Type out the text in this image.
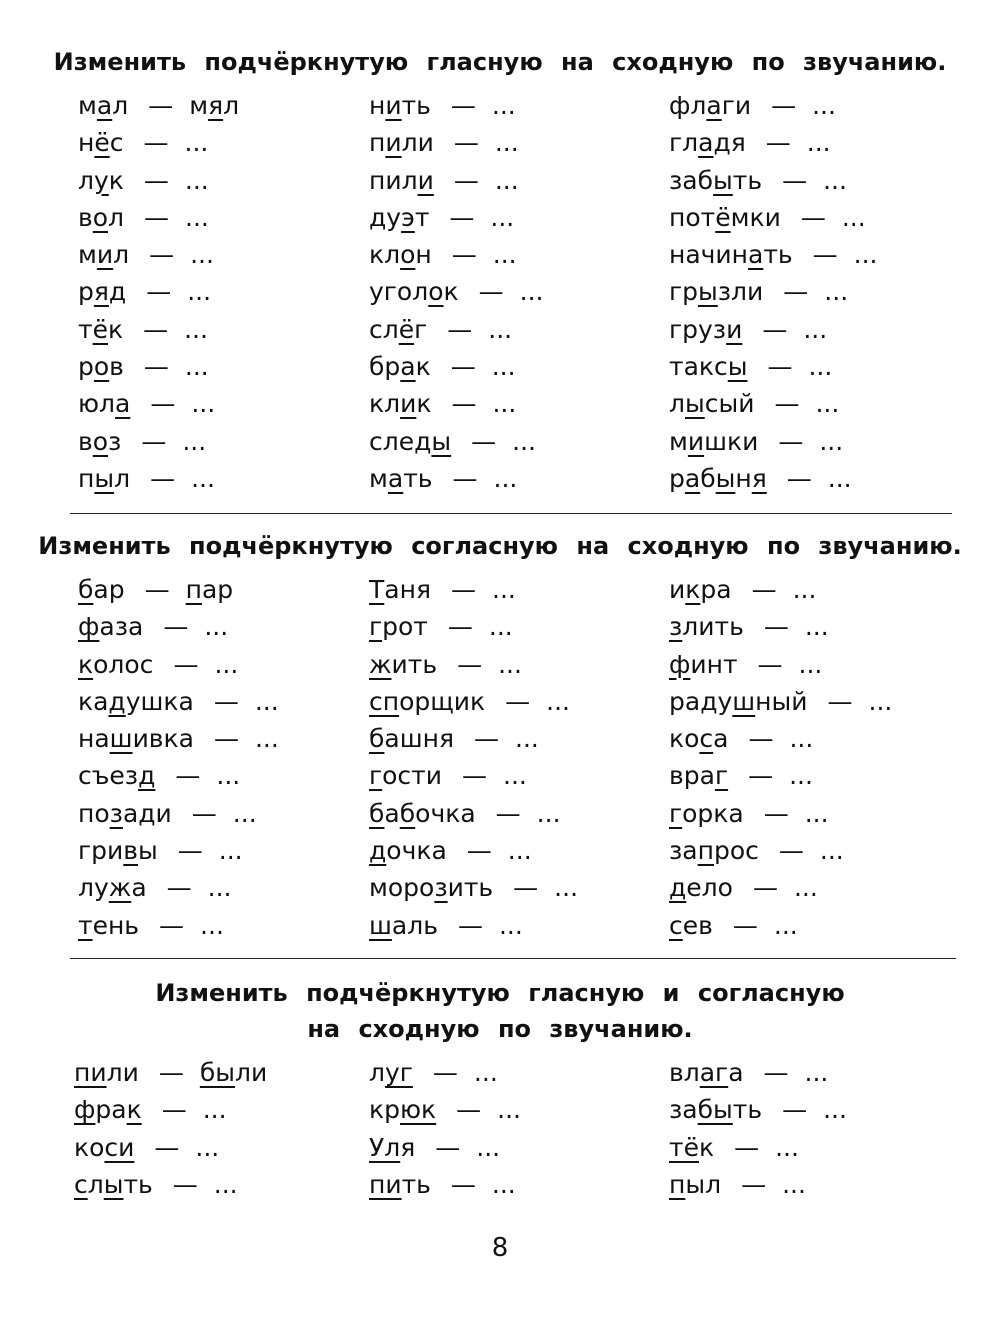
Изменить подчёркнутую гласную на сходную по звучанию.
мал — мял
нёс — ...
лук — ...
вол — ...
мил — ...
ряд — ...
тёк — ...
ров — ...
юла — ...
воз — ...
пыл — ...
нить — ...
пили — ...
пили — ...
дуэт — ...
клон — ...
уголок — ...
слёг — ...
брак — ...
клик — ...
следы — ...
мать — ...
флаги — ...
гладя — ...
забыть — ...
потёмки — ...
начинать — ...
грызли — ...
грузи — ...
таксы — ...
лысый — ...
мишки — ...
рабыня — ...
Изменить подчёркнутую согласную на сходную по звучанию.
бар — пар
фаза — ...
колос — ...
кадушка — ...
нашивка — ...
съезд — ...
позади — ...
гривы — ...
лужа — ...
тень — ...
Таня — ...
грот — ...
жить — ...
спорщик — ...
башня — ...
гости — ...
бабочка — ...
дочка — ...
морозить — ...
шаль — ...
икра — ...
злить — ...
финт — ...
радушный — ...
коса — ...
враг — ...
горка — ...
запрос — ...
дело — ...
сев — ...
Изменить подчёркнутую гласную и согласную
на сходную по звучанию.
пили — были
фрак — ...
коси — ...
слыть — ...
луг — ...
крюк — ...
Уля — ...
пить — ...
влага — ...
забыть — ...
тёк — ...
пыл — ...
8
